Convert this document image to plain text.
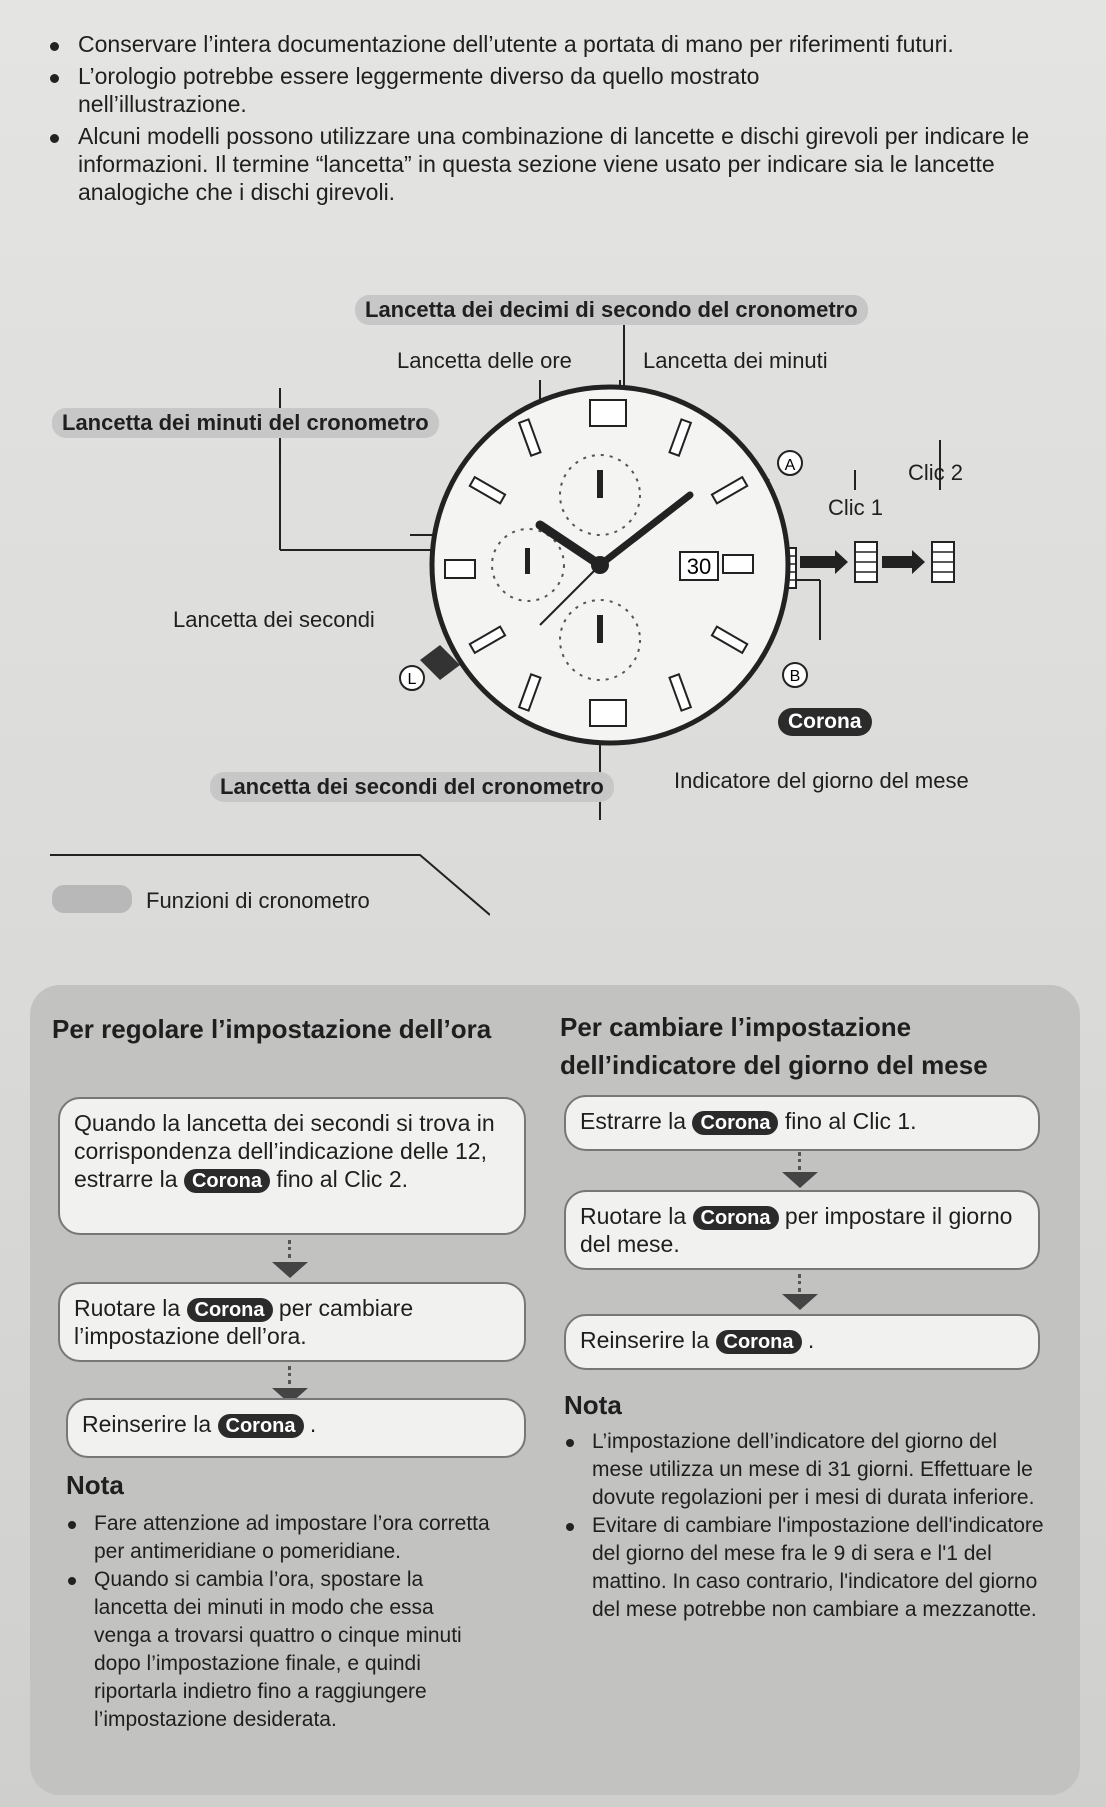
Conservare l’intera documentazione dell’utente a portata di mano per riferimenti futuri.
L’orologio potrebbe essere leggermente diverso da quello mostrato nell’illustrazione.
Alcuni modelli possono utilizzare una combinazione di lancette e dischi girevoli per indicare le informazioni. Il termine “lancetta” in questa sezione viene usato per indicare sia le lancette analogiche che i dischi girevoli.
30
A
B
L
Lancetta dei decimi di secondo del cronometro
Lancetta delle ore	Lancetta dei minuti
Lancetta dei minuti del cronometro
Lancetta dei secondi
Lancetta dei secondi del cronometro	Indicatore del giorno del mese
Clic 1
Clic 2
Corona
Funzioni di cronometro
Per regolare l’impostazione dell’ora
Quando la lancetta dei secondi si trova in corrispondenza dell’indicazione delle 12, estrarre la Corona fino al Clic 2.
Ruotare la Corona per cambiare l’impostazione dell’ora.
Reinserire la Corona .
Nota
Fare attenzione ad impostare l’ora corretta per antimeridiane o pomeridiane.
Quando si cambia l’ora, spostare la lancetta dei minuti in modo che essa venga a trovarsi quattro o cinque minuti dopo l’impostazione finale, e quindi riportarla indietro fino a raggiungere l’impostazione desiderata.
Per cambiare l’impostazione dell’indicatore del giorno del mese
Estrarre la Corona fino al Clic 1.
Ruotare la Corona per impostare il giorno del mese.
Reinserire la Corona .
Nota
L’impostazione dell’indicatore del giorno del mese utilizza un mese di 31 giorni. Effettuare le dovute regolazioni per i mesi di durata inferiore.
Evitare di cambiare l'impostazione dell'indicatore del giorno del mese fra le 9 di sera e l'1 del mattino. In caso contrario, l'indicatore del giorno del mese potrebbe non cambiare a mezzanotte.
